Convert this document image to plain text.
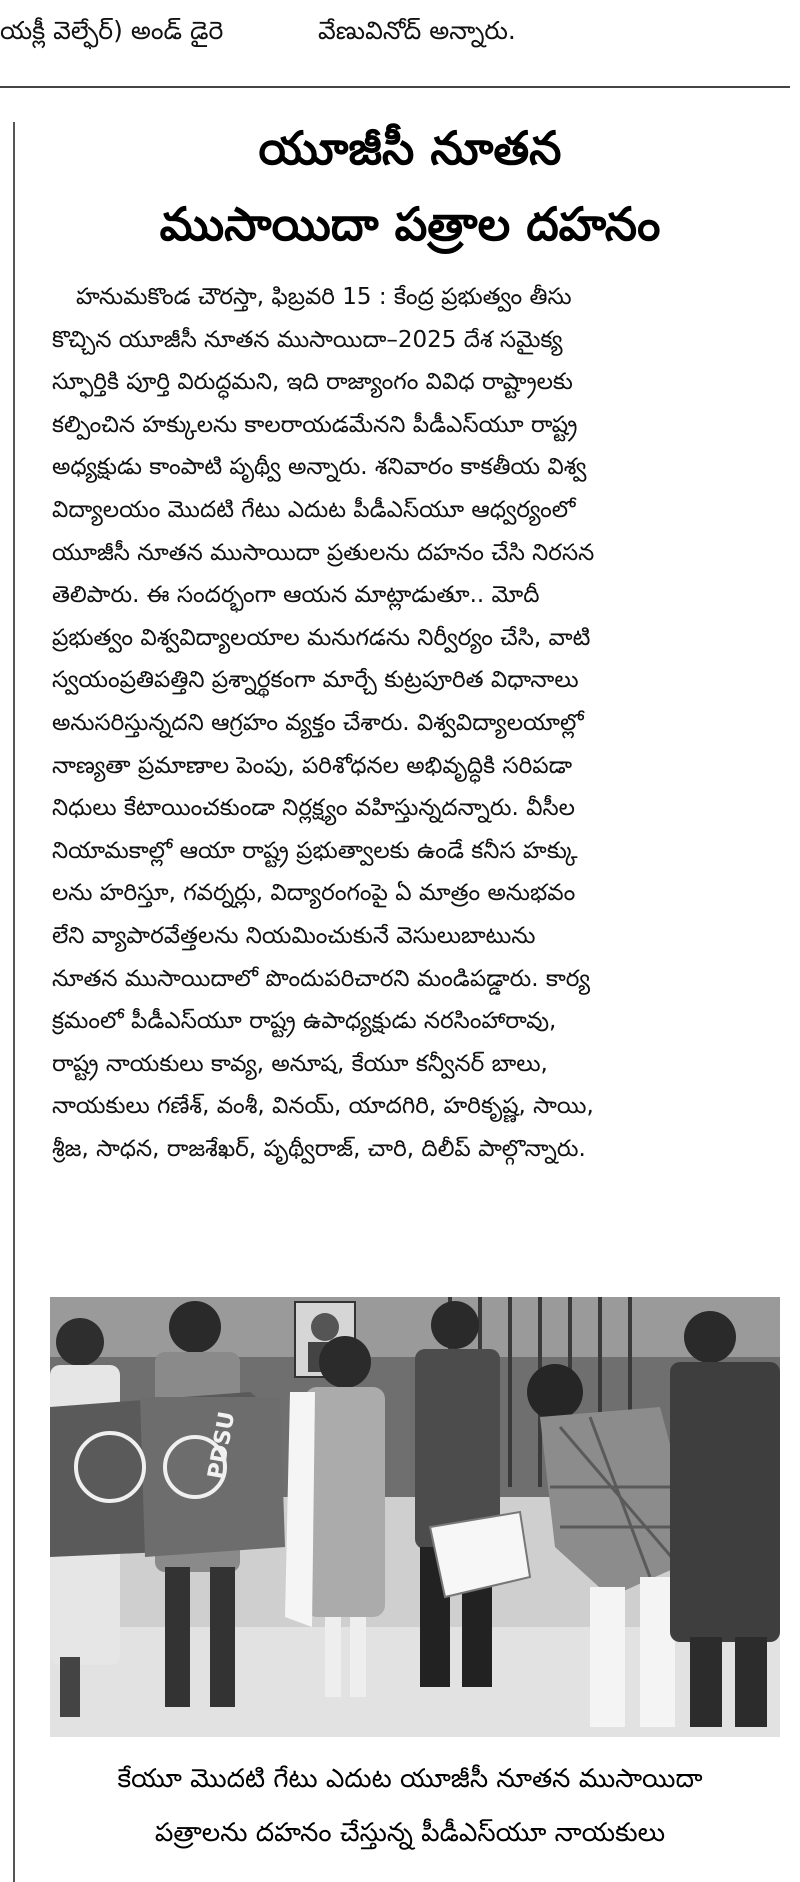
యక్లీ వెల్ఫేర్) అండ్ డైరె	వేణువినోద్ అన్నారు.
యూజీసీ నూతన
ముసాయిదా పత్రాల దహనం
హనుమకొండ చౌరస్తా, ఫిబ్రవరి 15 : కేంద్ర ప్రభుత్వం తీసు
కొచ్చిన యూజీసీ నూతన ముసాయిదా–2025 దేశ సమైక్య
స్ఫూర్తికి పూర్తి విరుద్ధమని, ఇది రాజ్యాంగం వివిధ రాష్ట్రాలకు
కల్పించిన హక్కులను కాలరాయడమేనని పీడీఎస్‌యూ రాష్ట్ర
అధ్యక్షుడు కాంపాటి పృథ్వీ అన్నారు. శనివారం కాకతీయ విశ్వ
విద్యాలయం మొదటి గేటు ఎదుట పీడీఎస్‌యూ ఆధ్వర్యంలో
యూజీసీ నూతన ముసాయిదా ప్రతులను దహనం చేసి నిరసన
తెలిపారు. ఈ సందర్భంగా ఆయన మాట్లాడుతూ.. మోదీ
ప్రభుత్వం విశ్వవిద్యాలయాల మనుగడను నిర్వీర్యం చేసి, వాటి
స్వయంప్రతిపత్తిని ప్రశ్నార్థకంగా మార్చే కుట్రపూరిత విధానాలు
అనుసరిస్తున్నదని ఆగ్రహం వ్యక్తం చేశారు. విశ్వవిద్యాలయాల్లో
నాణ్యతా ప్రమాణాల పెంపు, పరిశోధనల అభివృద్ధికి సరిపడా
నిధులు కేటాయించకుండా నిర్లక్ష్యం వహిస్తున్నదన్నారు. వీసీల
నియామకాల్లో ఆయా రాష్ట్ర ప్రభుత్వాలకు ఉండే కనీస హక్కు
లను హరిస్తూ, గవర్నర్లు, విద్యారంగంపై ఏ మాత్రం అనుభవం
లేని వ్యాపారవేత్తలను నియమించుకునే వెసులుబాటును
నూతన ముసాయిదాలో పొందుపరిచారని మండిపడ్డారు. కార్య
క్రమంలో పీడీఎస్‌యూ రాష్ట్ర ఉపాధ్యక్షుడు నరసింహారావు,
రాష్ట్ర నాయకులు కావ్య, అనూష, కేయూ కన్వీనర్ బాలు,
నాయకులు గణేశ్, వంశీ, వినయ్, యాదగిరి, హరికృష్ణ, సాయి,
శ్రీజ, సాధన, రాజశేఖర్, పృథ్వీరాజ్, చారి, దిలీప్ పాల్గొన్నారు.
PDSU
కేయూ మొదటి గేటు ఎదుట యూజీసీ నూతన ముసాయిదా
పత్రాలను దహనం చేస్తున్న పీడీఎస్‌యూ నాయకులు
